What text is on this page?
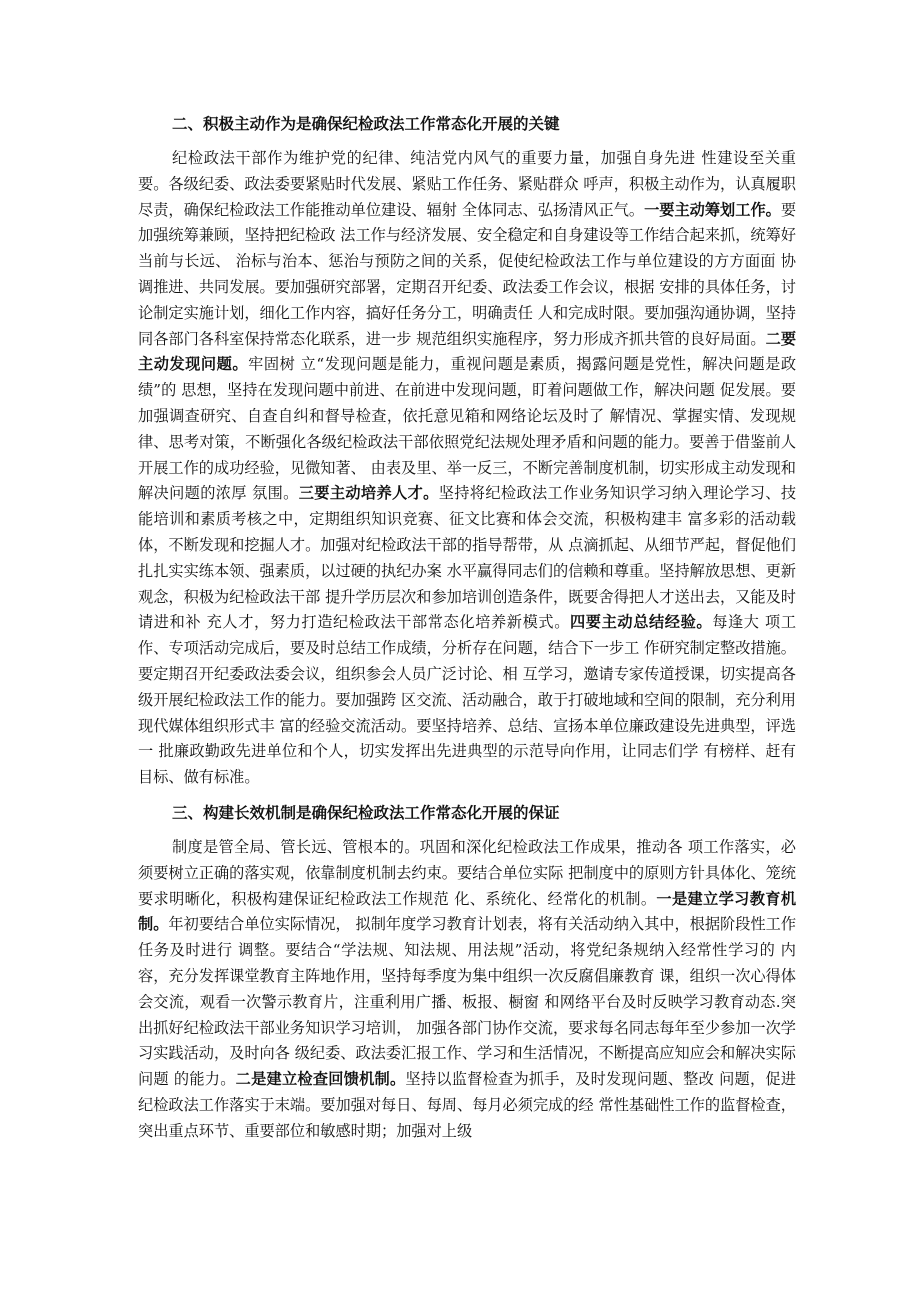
二、积极主动作为是确保纪检政法工作常态化开展的关键

纪检政法干部作为维护党的纪律、纯洁党内风气的重要力量，加强自身先进 性建设至关重要。各级纪委、政法委要紧贴时代发展、紧贴工作任务、紧贴群众 呼声，积极主动作为，认真履职尽责，确保纪检政法工作能推动单位建设、辐射 全体同志、弘扬清风正气。一要主动筹划工作。要加强统筹兼顾，坚持把纪检政 法工作与经济发展、安全稳定和自身建设等工作结合起来抓，统筹好当前与长远、 治标与治本、惩治与预防之间的关系，促使纪检政法工作与单位建设的方方面面 协调推进、共同发展。要加强研究部署，定期召开纪委、政法委工作会议，根据 安排的具体任务，讨论制定实施计划，细化工作内容，搞好任务分工，明确责任 人和完成时限。要加强沟通协调，坚持同各部门各科室保持常态化联系，进一步 规范组织实施程序，努力形成齐抓共管的良好局面。二要主动发现问题。牢固树 立“发现问题是能力，重视问题是素质，揭露问题是党性，解决问题是政绩”的 思想，坚持在发现问题中前进、在前进中发现问题，盯着问题做工作，解决问题 促发展。要加强调查研究、自查自纠和督导检查，依托意见箱和网络论坛及时了 解情况、掌握实情、发现规律、思考对策，不断强化各级纪检政法干部依照党纪法规处理矛盾和问题的能力。要善于借鉴前人开展工作的成功经验，见微知著、 由表及里、举一反三，不断完善制度机制，切实形成主动发现和解决问题的浓厚 氛围。三要主动培养人才。坚持将纪检政法工作业务知识学习纳入理论学习、技 能培训和素质考核之中，定期组织知识竞赛、征文比赛和体会交流，积极构建丰 富多彩的活动载体，不断发现和挖掘人才。加强对纪检政法干部的指导帮带，从 点滴抓起、从细节严起，督促他们扎扎实实练本领、强素质，以过硬的执纪办案 水平赢得同志们的信赖和尊重。坚持解放思想、更新观念，积极为纪检政法干部 提升学历层次和参加培训创造条件，既要舍得把人才送出去，又能及时请进和补 充人才，努力打造纪检政法干部常态化培养新模式。四要主动总结经验。每逢大 项工作、专项活动完成后，要及时总结工作成绩，分析存在问题，结合下一步工 作研究制定整改措施。要定期召开纪委政法委会议，组织参会人员广泛讨论、相 互学习，邀请专家传道授课，切实提高各级开展纪检政法工作的能力。要加强跨 区交流、活动融合，敢于打破地域和空间的限制，充分利用现代媒体组织形式丰 富的经验交流活动。要坚持培养、总结、宣扬本单位廉政建设先进典型，评选一 批廉政勤政先进单位和个人，切实发挥出先进典型的示范导向作用，让同志们学 有榜样、赶有目标、做有标准。

三、构建长效机制是确保纪检政法工作常态化开展的保证

制度是管全局、管长远、管根本的。巩固和深化纪检政法工作成果，推动各 项工作落实，必须要树立正确的落实观，依靠制度机制去约束。要结合单位实际 把制度中的原则方针具体化、笼统要求明晰化，积极构建保证纪检政法工作规范 化、系统化、经常化的机制。一是建立学习教育机制。年初要结合单位实际情况， 拟制年度学习教育计划表，将有关活动纳入其中，根据阶段性工作任务及时进行 调整。要结合“学法规、知法规、用法规”活动，将党纪条规纳入经常性学习的 内容，充分发挥课堂教育主阵地作用，坚持每季度为集中组织一次反腐倡廉教育 课，组织一次心得体会交流，观看一次警示教育片，注重利用广播、板报、橱窗 和网络平台及时反映学习教育动态.突出抓好纪检政法干部业务知识学习培训， 加强各部门协作交流，要求每名同志每年至少参加一次学习实践活动，及时向各 级纪委、政法委汇报工作、学习和生活情况，不断提高应知应会和解决实际问题 的能力。二是建立检查回馈机制。坚持以监督检查为抓手，及时发现问题、整改 问题，促进纪检政法工作落实于末端。要加强对每日、每周、每月必须完成的经 常性基础性工作的监督检查，突出重点环节、重要部位和敏感时期；加强对上级
